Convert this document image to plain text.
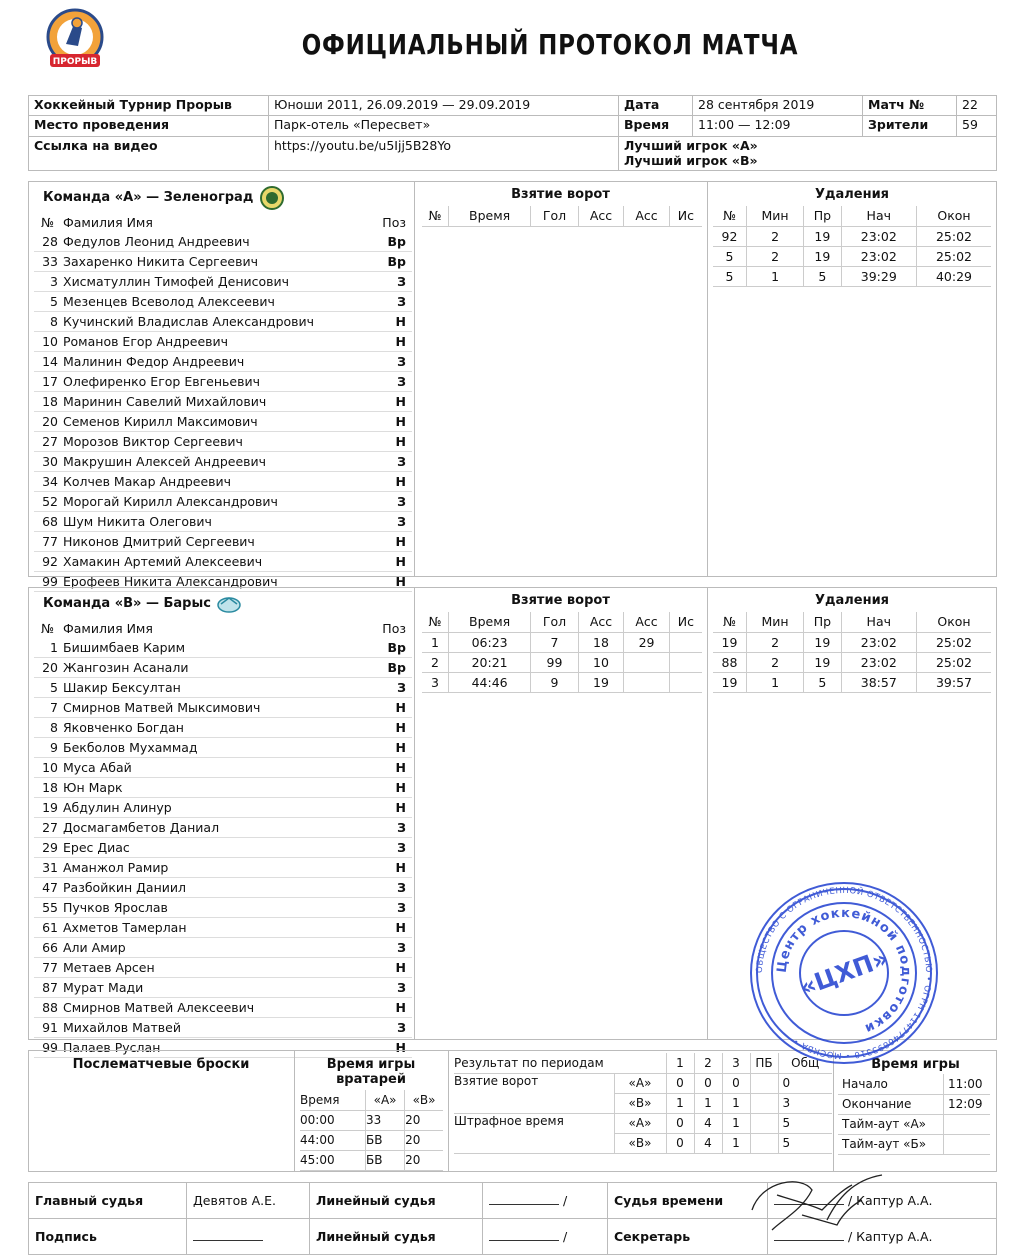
ПРОРЫВ
ОФИЦИАЛЬНЫЙ ПРОТОКОЛ МАТЧА
Хоккейный Турнир Прорыв	Юноши 2011, 26.09.2019 — 29.09.2019	Дата	28 сентября 2019	Матч №	22
Место проведения	Парк-отель «Пересвет»	Время	11:00 — 12:09	Зрители	59
Ссылка на видео	https://youtu.be/u5Ijj5B28Yo	Лучший игрок «А»
Лучший игрок «В»			
Команда «А» — Зеленоград
№	Фамилия Имя	Поз
28	Федулов Леонид Андреевич	Вр
33	Захаренко Никита Сергеевич	Вр
3	Хисматуллин Тимофей Денисович	З
5	Мезенцев Всеволод Алексеевич	З
8	Кучинский Владислав Александрович	Н
10	Романов Егор Андреевич	Н
14	Малинин Федор Андреевич	З
17	Олефиренко Егор Евгеньевич	З
18	Маринин Савелий Михайлович	Н
20	Семенов Кирилл Максимович	Н
27	Морозов Виктор Сергеевич	Н
30	Макрушин Алексей Андреевич	З
34	Колчев Макар Андреевич	Н
52	Морогай Кирилл Александрович	З
68	Шум Никита Олегович	З
77	Никонов Дмитрий Сергеевич	Н
92	Хамакин Артемий Алексеевич	Н
99	Ерофеев Никита Александрович	Н
Взятие ворот
№	Время	Гол	Асс	Асс	Ис
Удаления
№	Мин	Пр	Нач	Окон
92	2	19	23:02	25:02
5	2	19	23:02	25:02
5	1	5	39:29	40:29
Команда «В» — Барыс
№	Фамилия Имя	Поз
1	Бишимбаев Карим	Вр
20	Жангозин Асанали	Вр
5	Шакир Бексултан	З
7	Смирнов Матвей Мыксимович	Н
8	Яковченко Богдан	Н
9	Бекболов Мухаммад	Н
10	Муса Абай	Н
18	Юн Марк	Н
19	Абдулин Алинур	Н
27	Досмагамбетов Даниал	З
29	Ерес Диас	З
31	Аманжол Рамир	Н
47	Разбойкин Даниил	З
55	Пучков Ярослав	З
61	Ахметов Тамерлан	Н
66	Али Амир	З
77	Метаев Арсен	Н
87	Мурат Мади	З
88	Смирнов Матвей Алексеевич	Н
91	Михайлов Матвей	З
99	Палаев Руслан	Н
Взятие ворот
№	Время	Гол	Асс	Асс	Ис
1	06:23	7	18	29	
2	20:21	99	10		
3	44:46	9	19		
Удаления
№	Мин	Пр	Нач	Окон
19	2	19	23:02	25:02
88	2	19	23:02	25:02
19	1	5	38:57	39:57
Послематчевые броски	Время игры вратарей
Время	«А»	«В»
00:00	33	20
44:00	БВ	20
45:00	БВ	20
Результат по периодам		1	2	3	ПБ	Общ
Взятие ворот	«А»	0	0	0		0
	«В»	1	1	1		3
Штрафное время	«А»	0	4	1		5
	«В»	0	4	1		5
Время игры
Начало	11:00
Окончание	12:09
Тайм-аут «А»	
Тайм-аут «Б»	
Главный судья	Девятов А.Е.	Линейный судья	/	Судья времени	/ Каптур А.А.
Подпись		Линейный судья	/	Секретарь	/ Каптур А.А.
ОБЩЕСТВО С ОГРАНИЧЕННОЙ ОТВЕТСТВЕННОСТЬЮ • ОГРН 1147746893310 • МОСКВА •
Центр хоккейной подготовки
«ЦХП»
